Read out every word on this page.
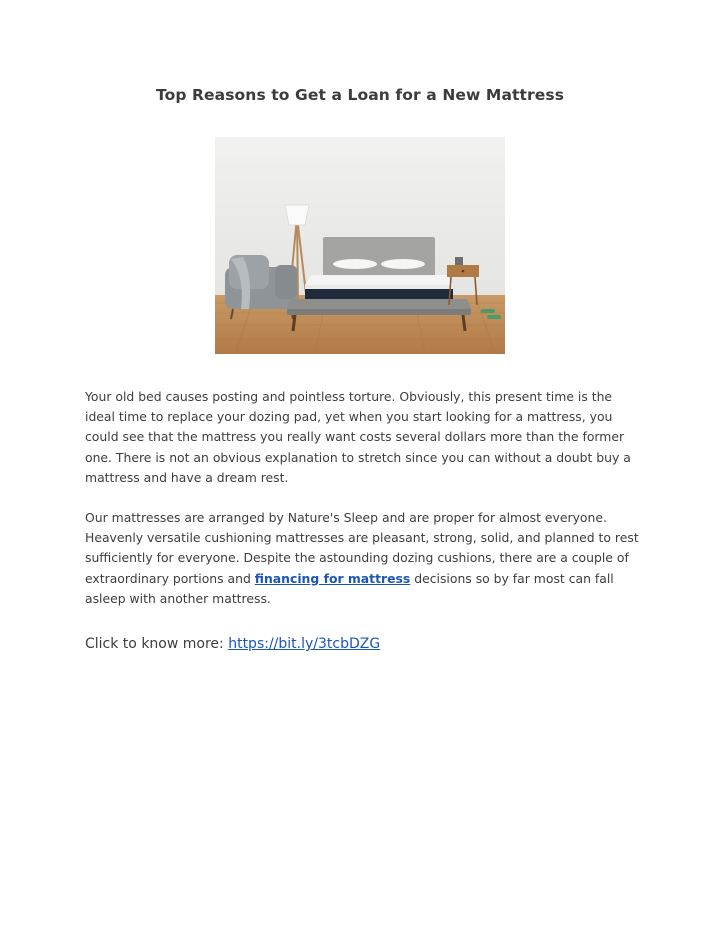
Top Reasons to Get a Loan for a New Mattress

Your old bed causes posting and pointless torture. Obviously, this present time is the ideal time to replace your dozing pad, yet when you start looking for a mattress, you could see that the mattress you really want costs several dollars more than the former one. There is not an obvious explanation to stretch since you can without a doubt buy a mattress and have a dream rest.

Our mattresses are arranged by Nature's Sleep and are proper for almost everyone. Heavenly versatile cushioning mattresses are pleasant, strong, solid, and planned to rest sufficiently for everyone. Despite the astounding dozing cushions, there are a couple of extraordinary portions and financing for mattress decisions so by far most can fall asleep with another mattress.

Click to know more: https://bit.ly/3tcbDZG
